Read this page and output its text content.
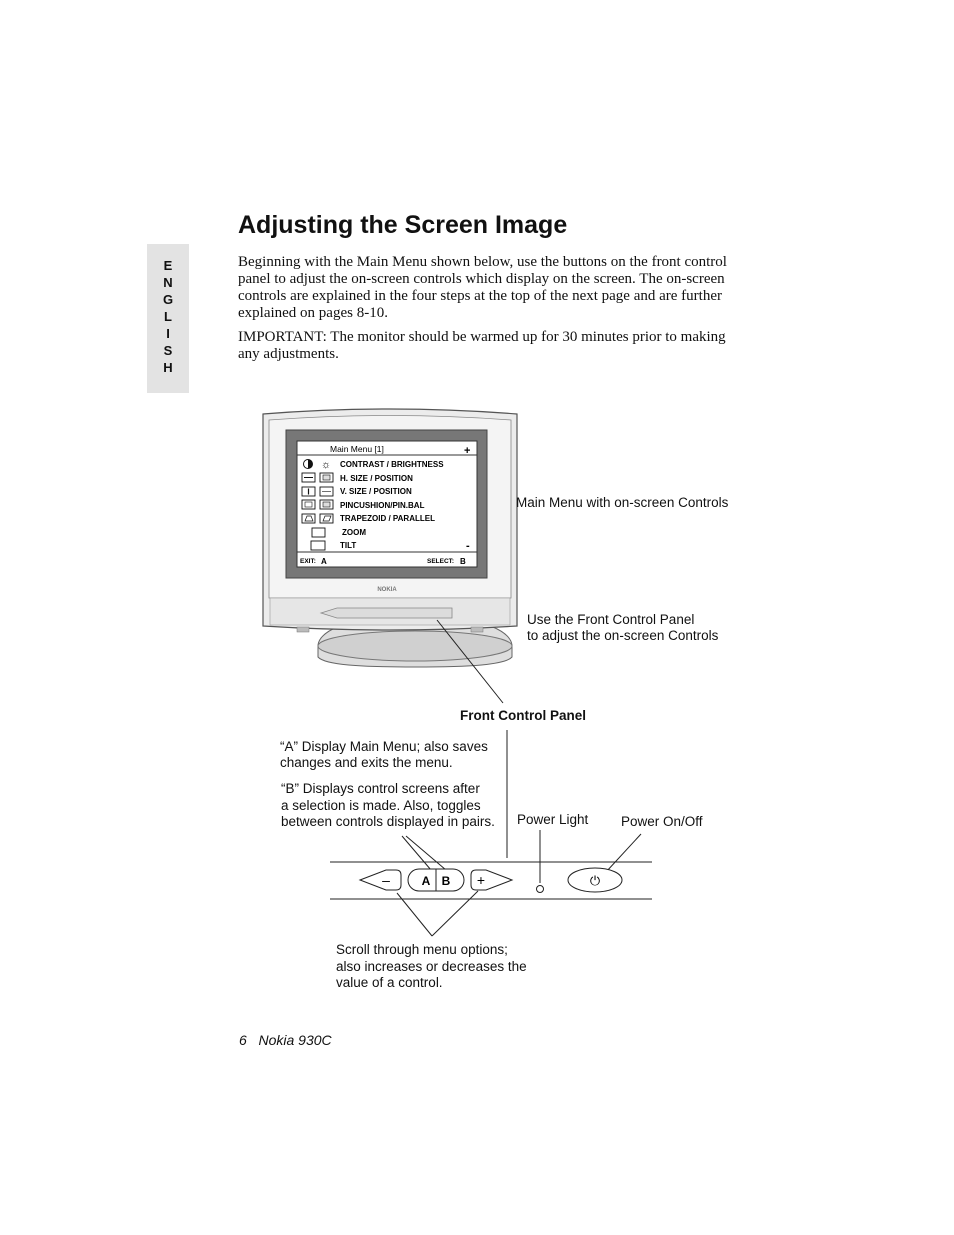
E
N
G
L
I
S
H
Adjusting the Screen Image

Beginning with the Main Menu shown below, use the buttons on the front control panel to adjust the on-screen controls which display on the screen. The on-screen controls are explained in the four steps at the top of the next page and are further explained on pages 8-10.

IMPORTANT: The monitor should be warmed up for 30 minutes prior to making any adjustments.

NOKIA
Main Menu [1]	+
-
☼ CONTRAST / BRIGHTNESS
H. SIZE / POSITION
V. SIZE / POSITION
PINCUSHION/PIN.BAL
TRAPEZOID / PARALLEL
ZOOM
TILT
EXIT: A	SELECT: B
–	A B +	⏻
Main Menu with on-screen Controls
Use the Front Control Panel
to adjust the on-screen Controls
Front Control Panel
“A” Display Main Menu; also saves
changes and exits the menu.
“B” Displays control screens after
a selection is made. Also, toggles
between controls displayed in pairs. Power Light Power On/Off
Scroll through menu options;
also increases or decreases the
value of a control.
6 Nokia 930C
